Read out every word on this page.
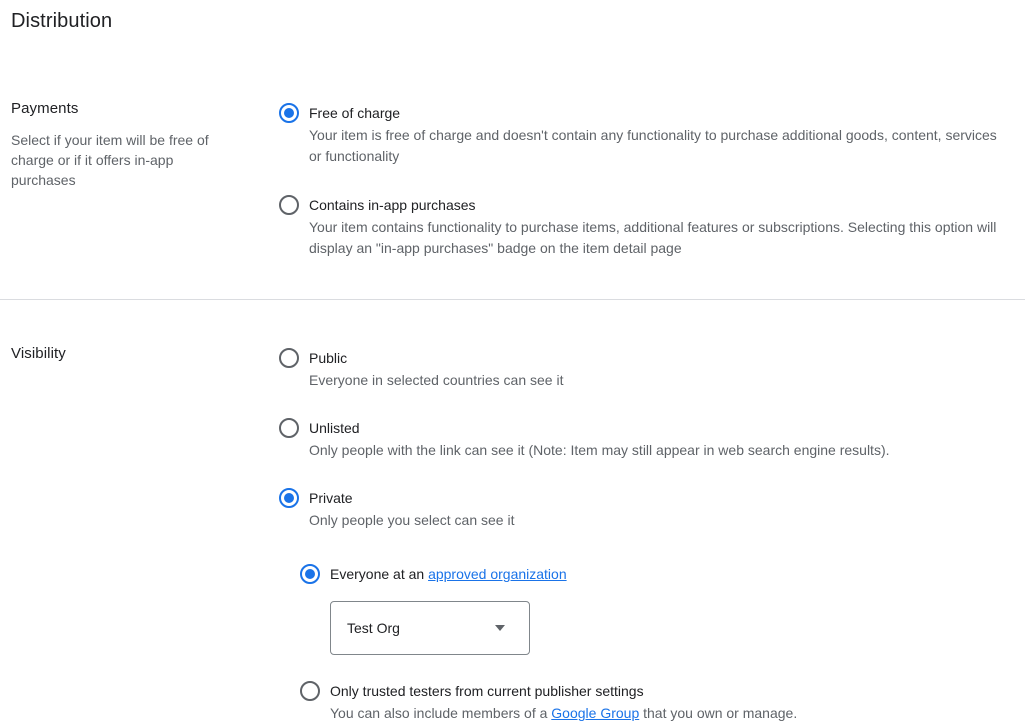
Distribution
Payments

Select if your item will be free of charge or if it offers in-app purchases

Free of charge
Your item is free of charge and doesn't contain any functionality to purchase additional goods, content, services or functionality
Contains in-app purchases
Your item contains functionality to purchase items, additional features or subscriptions. Selecting this option will display an "in-app purchases" badge on the item detail page
Visibility	Public
Everyone in selected countries can see it
Unlisted
Only people with the link can see it (Note: Item may still appear in web search engine results).
Private
Only people you select can see it
Everyone at an approved organization
Test Org
Only trusted testers from current publisher settings
You can also include members of a Google Group that you own or manage.
